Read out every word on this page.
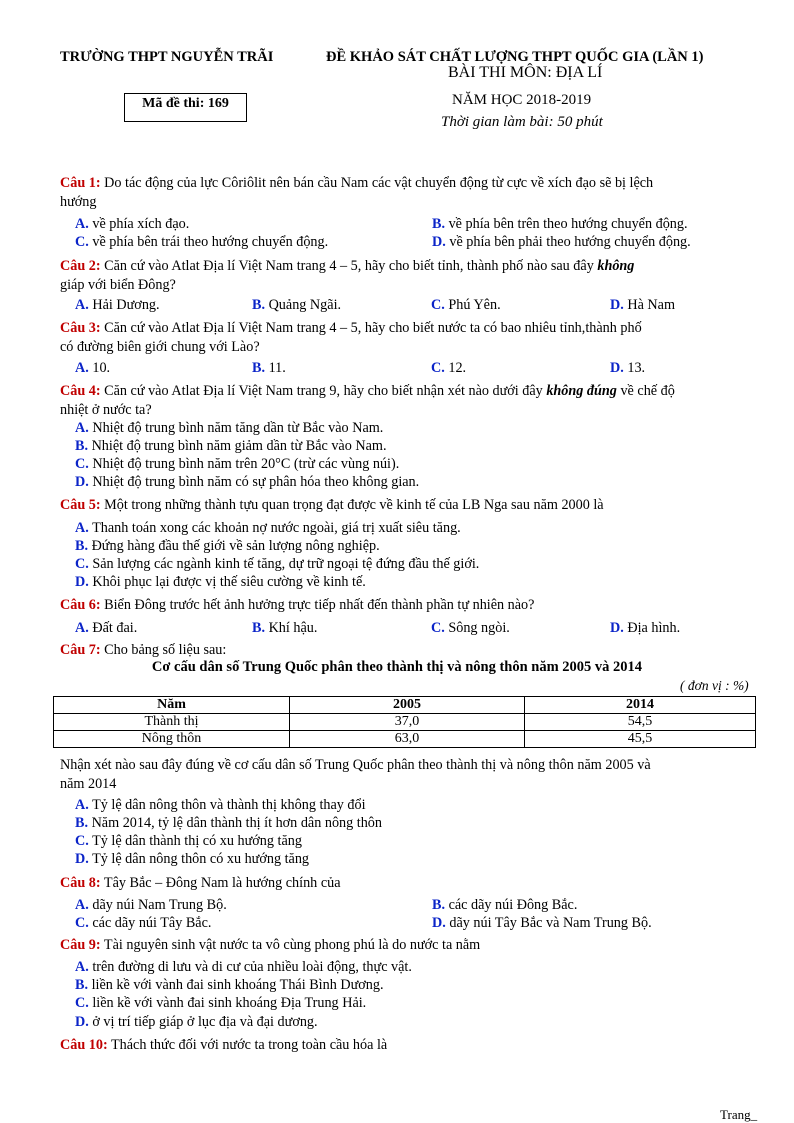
TRƯỜNG THPT NGUYỄN TRÃI	ĐỀ KHẢO SÁT CHẤT LƯỢNG THPT QUỐC GIA (LẦN 1)
BÀI THI MÔN: ĐỊA LÍ
Mã đề thi: 169	NĂM HỌC 2018-2019
Thời gian làm bài: 50 phút
Câu 1: Do tác động của lực Côriôlit nên bán cầu Nam các vật chuyển động từ cực về xích đạo sẽ bị lệch
hướng
A. về phía xích đạo.	B. về phía bên trên theo hướng chuyển động.
C. về phía bên trái theo hướng chuyển động.	D. về phía bên phải theo hướng chuyển động.
Câu 2: Căn cứ vào Atlat Địa lí Việt Nam trang 4 – 5, hãy cho biết tỉnh, thành phố nào sau đây không
giáp với biển Đông?
A. Hải Dương.	B. Quảng Ngãi.	C. Phú Yên.	D. Hà Nam
Câu 3: Căn cứ vào Atlat Địa lí Việt Nam trang 4 – 5, hãy cho biết nước ta có bao nhiêu tỉnh,thành phố
có đường biên giới chung với Lào?
A. 10.	B. 11.	C. 12.	D. 13.
Câu 4: Căn cứ vào Atlat Địa lí Việt Nam trang 9, hãy cho biết nhận xét nào dưới đây không đúng về chế độ
nhiệt ở nước ta?
A. Nhiệt độ trung bình năm tăng dần từ Bắc vào Nam.
B. Nhiệt độ trung bình năm giảm dần từ Bắc vào Nam.
C. Nhiệt độ trung bình năm trên 20°C (trừ các vùng núi).
D. Nhiệt độ trung bình năm có sự phân hóa theo không gian.
Câu 5: Một trong những thành tựu quan trọng đạt được về kinh tế của LB Nga sau năm 2000 là
A. Thanh toán xong các khoản nợ nước ngoài, giá trị xuất siêu tăng.
B. Đứng hàng đầu thế giới về sản lượng nông nghiệp.
C. Sản lượng các ngành kinh tế tăng, dự trữ ngoại tệ đứng đầu thế giới.
D. Khôi phục lại được vị thế siêu cường về kinh tế.
Câu 6: Biển Đông trước hết ảnh hưởng trực tiếp nhất đến thành phần tự nhiên nào?
A. Đất đai.	B. Khí hậu.	C. Sông ngòi.	D. Địa hình.
Câu 7: Cho bảng số liệu sau:
Cơ cấu dân số Trung Quốc phân theo thành thị và nông thôn năm 2005 và 2014
( đơn vị : %)
Năm	2005	2014
Thành thị	37,0	54,5
Nông thôn	63,0	45,5
Nhận xét nào sau đây đúng về cơ cấu dân số Trung Quốc phân theo thành thị và nông thôn năm 2005 và
năm 2014
A. Tỷ lệ dân nông thôn và thành thị không thay đổi
B. Năm 2014, tỷ lệ dân thành thị ít hơn dân nông thôn
C. Tỷ lệ dân thành thị có xu hướng tăng
D. Tỷ lệ dân nông thôn có xu hướng tăng
Câu 8: Tây Bắc – Đông Nam là hướng chính của
A. dãy núi Nam Trung Bộ.	B. các dãy núi Đông Bắc.
C. các dãy núi Tây Bắc.	D. dãy núi Tây Bắc và Nam Trung Bộ.
Câu 9: Tài nguyên sinh vật nước ta vô cùng phong phú là do nước ta nằm
A. trên đường di lưu và di cư của nhiều loài động, thực vật.
B. liền kề với vành đai sinh khoáng Thái Bình Dương.
C. liền kề với vành đai sinh khoáng Địa Trung Hải.
D. ở vị trí tiếp giáp ở lục địa và đại dương.
Câu 10: Thách thức đối với nước ta trong toàn cầu hóa là
Trang_
